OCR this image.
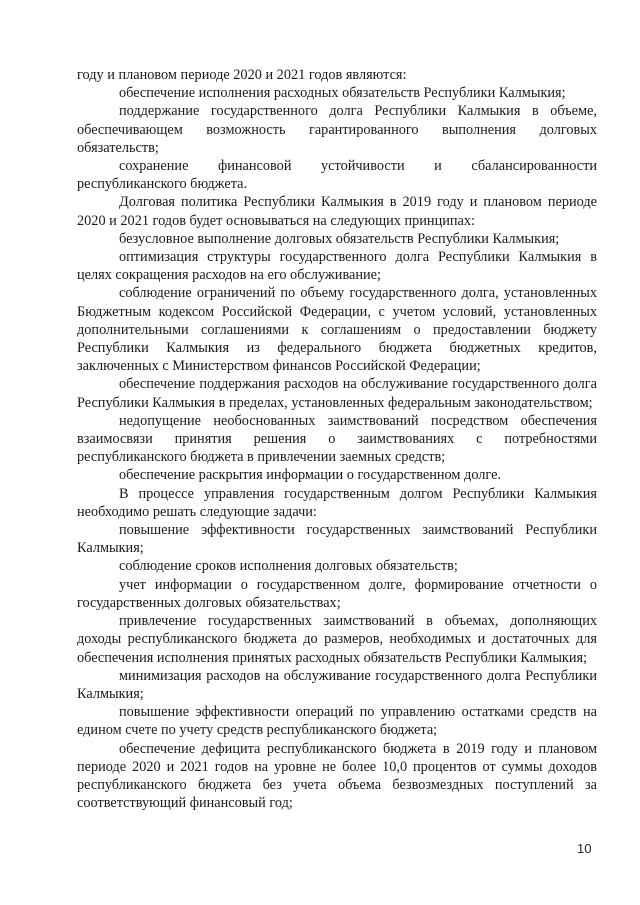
году и плановом периоде 2020 и 2021 годов являются:

обеспечение исполнения расходных обязательств Республики Калмыкия;

поддержание государственного долга Республики Калмыкия в объеме, обеспечивающем возможность гарантированного выполнения долговых обязательств;

сохранение финансовой устойчивости и сбалансированности республиканского бюджета.

Долговая политика Республики Калмыкия в 2019 году и плановом периоде 2020 и 2021 годов будет основываться на следующих принципах:

безусловное выполнение долговых обязательств Республики Калмыкия;

оптимизация структуры государственного долга Республики Калмыкия в целях сокращения расходов на его обслуживание;

соблюдение ограничений по объему государственного долга, установленных Бюджетным кодексом Российской Федерации, с учетом условий, установленных дополнительными соглашениями к соглашениям о предоставлении бюджету Республики Калмыкия из федерального бюджета бюджетных кредитов, заключенных с Министерством финансов Российской Федерации;

обеспечение поддержания расходов на обслуживание государственного долга Республики Калмыкия в пределах, установленных федеральным законодательством;

недопущение необоснованных заимствований посредством обеспечения взаимосвязи принятия решения о заимствованиях с потребностями республиканского бюджета в привлечении заемных средств;

обеспечение раскрытия информации о государственном долге.

В процессе управления государственным долгом Республики Калмыкия необходимо решать следующие задачи:

повышение эффективности государственных заимствований Республики Калмыкия;

соблюдение сроков исполнения долговых обязательств;

учет информации о государственном долге, формирование отчетности о государственных долговых обязательствах;

привлечение государственных заимствований в объемах, дополняющих доходы республиканского бюджета до размеров, необходимых и достаточных для обеспечения исполнения принятых расходных обязательств Республики Калмыкия;

минимизация расходов на обслуживание государственного долга Республики Калмыкия;

повышение эффективности операций по управлению остатками средств на едином счете по учету средств республиканского бюджета;

обеспечение дефицита республиканского бюджета в 2019 году и плановом периоде 2020 и 2021 годов на уровне не более 10,0 процентов от суммы доходов республиканского бюджета без учета объема безвозмездных поступлений за соответствующий финансовый год;

10
